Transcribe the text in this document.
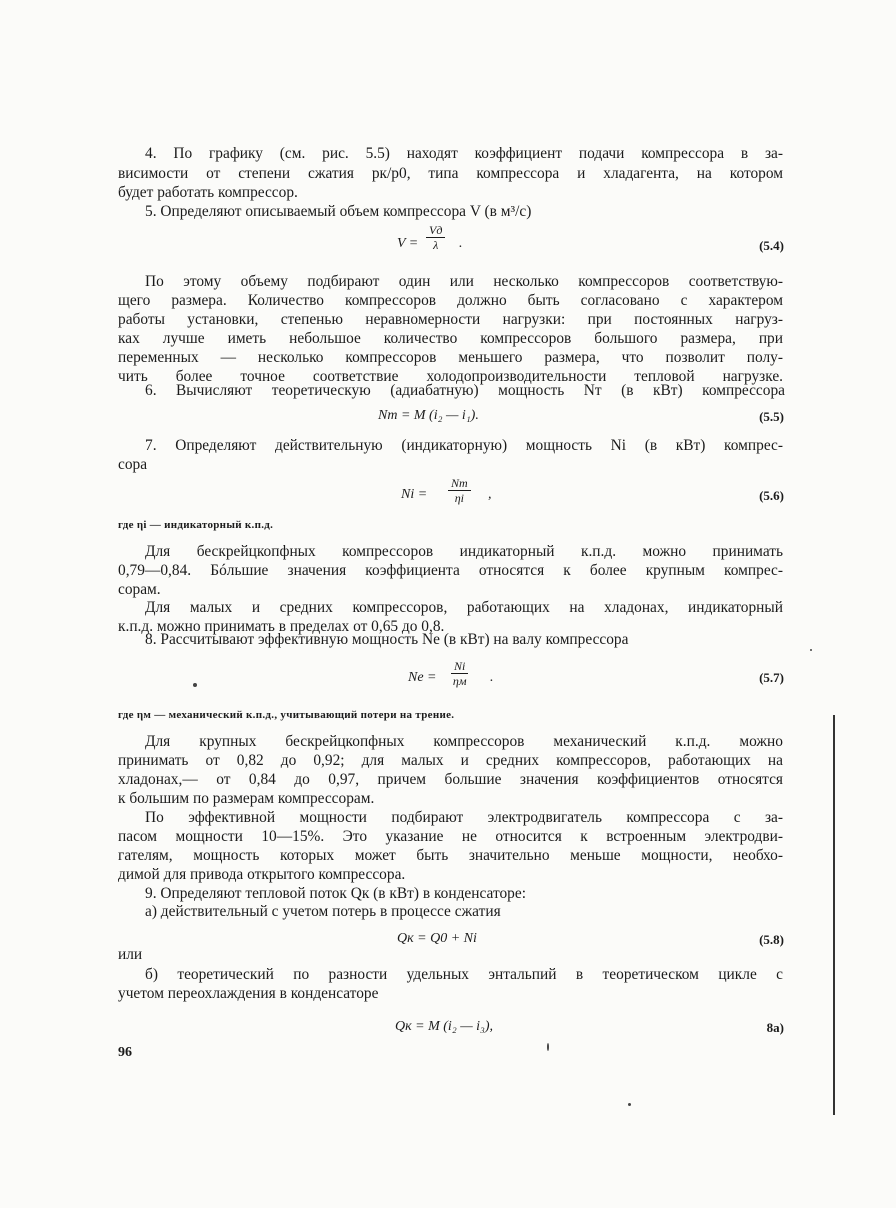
4. По графику (см. рис. 5.5) находят коэффициент подачи компрессора в за-
висимости от степени сжатия pк/p0, типа компрессора и хладагента, на котором
будет работать компрессор.
5. Определяют описываемый объем компрессора V (в м³/с)
V =
Vд
λ	.	(5.4)
По этому объему подбирают один или несколько компрессоров соответствую-
щего размера. Количество компрессоров должно быть согласовано с характером
работы установки, степенью неравномерности нагрузки: при постоянных нагруз-
ках лучше иметь небольшое количество компрессоров большого размера, при
переменных — несколько компрессоров меньшего размера, что позволит полу-
чить более точное соответствие холодопроизводительности тепловой нагрузке.
6. Вычисляют теоретическую (адиабатную) мощность Nт (в кВт) компрессора
Nт = M (i₂ — i₁).	(5.5)
7. Определяют действительную (индикаторную) мощность Ni (в кВт) компрес-
сора
Ni =
Nт
ηi	,	(5.6)
где ηi — индикаторный к.п.д.
Для бескрейцкопфных компрессоров индикаторный к.п.д. можно принимать
0,79—0,84. Бóльшие значения коэффициента относятся к более крупным компрес-
сорам.
Для малых и средних компрессоров, работающих на хладонах, индикаторный
к.п.д. можно принимать в пределах от 0,65 до 0,8.
8. Рассчитывают эффективную мощность Ne (в кВт) на валу компрессора
Ne =
Ni
ηм .	(5.7)
где ηм — механический к.п.д., учитывающий потери на трение.
Для крупных бескрейцкопфных компрессоров механический к.п.д. можно
принимать от 0,82 до 0,92; для малых и средних компрессоров, работающих на
хладонах,— от 0,84 до 0,97, причем большие значения коэффициентов относятся
к большим по размерам компрессорам.
По эффективной мощности подбирают электродвигатель компрессора с за-
пасом мощности 10—15%. Это указание не относится к встроенным электродви-
гателям, мощность которых может быть значительно меньше мощности, необхо-
димой для привода открытого компрессора.
9. Определяют тепловой поток Qк (в кВт) в конденсаторе:
а) действительный с учетом потерь в процессе сжатия
Qк = Q0 + Ni	(5.8)
или
б) теоретический по разности удельных энтальпий в теоретическом цикле с
учетом переохлаждения в конденсаторе
Qк = M (i₂ — i₃),	8а)
96
